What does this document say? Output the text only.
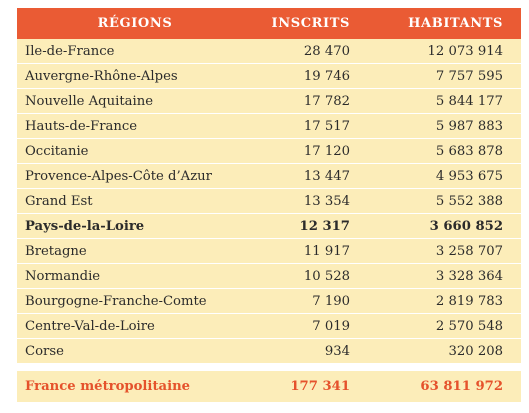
RÉGIONS	INSCRITS	HABITANTS
Ile-de-France	28 470	12 073 914
Auvergne-Rhône-Alpes	19 746	7 757 595
Nouvelle Aquitaine	17 782	5 844 177
Hauts-de-France	17 517	5 987 883
Occitanie	17 120	5 683 878
Provence-Alpes-Côte d’Azur	13 447	4 953 675
Grand Est	13 354	5 552 388
Pays-de-la-Loire	12 317	3 660 852
Bretagne	11 917	3 258 707
Normandie	10 528	3 328 364
Bourgogne-Franche-Comte	7 190	2 819 783
Centre-Val-de-Loire	7 019	2 570 548
Corse	934	320 208

France métropolitaine	177 341	63 811 972
